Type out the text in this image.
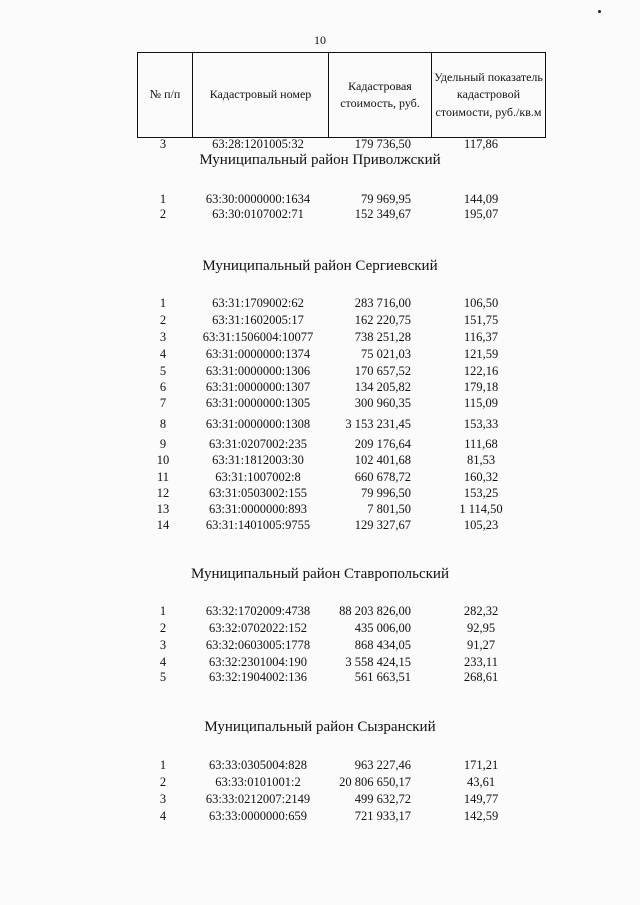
10
№ п/п	Кадастровый номер	Кадастровая стоимость, руб.	Удельный показатель кадастровой стоимости, руб./кв.м
3	63:28:1201005:32	179 736,50	117,86
Муниципальный район Приволжский
1	63:30:0000000:1634	79 969,95	144,09
2	63:30:0107002:71	152 349,67	195,07
Муниципальный район Сергиевский
1	63:31:1709002:62	283 716,00	106,50
2	63:31:1602005:17	162 220,75	151,75
3	63:31:1506004:10077	738 251,28	116,37
4	63:31:0000000:1374	75 021,03	121,59
5	63:31:0000000:1306	170 657,52	122,16
6	63:31:0000000:1307	134 205,82	179,18
7	63:31:0000000:1305	300 960,35	115,09
8	63:31:0000000:1308	3 153 231,45	153,33
9	63:31:0207002:235	209 176,64	111,68
10	63:31:1812003:30	102 401,68	81,53
11	63:31:1007002:8	660 678,72	160,32
12	63:31:0503002:155	79 996,50	153,25
13	63:31:0000000:893	7 801,50	1 114,50
14	63:31:1401005:9755	129 327,67	105,23
Муниципальный район Ставропольский
1	63:32:1702009:4738	88 203 826,00	282,32
2	63:32:0702022:152	435 006,00	92,95
3	63:32:0603005:1778	868 434,05	91,27
4	63:32:2301004:190	3 558 424,15	233,11
5	63:32:1904002:136	561 663,51	268,61
Муниципальный район Сызранский
1	63:33:0305004:828	963 227,46	171,21
2	63:33:0101001:2	20 806 650,17	43,61
3	63:33:0212007:2149	499 632,72	149,77
4	63:33:0000000:659	721 933,17	142,59
